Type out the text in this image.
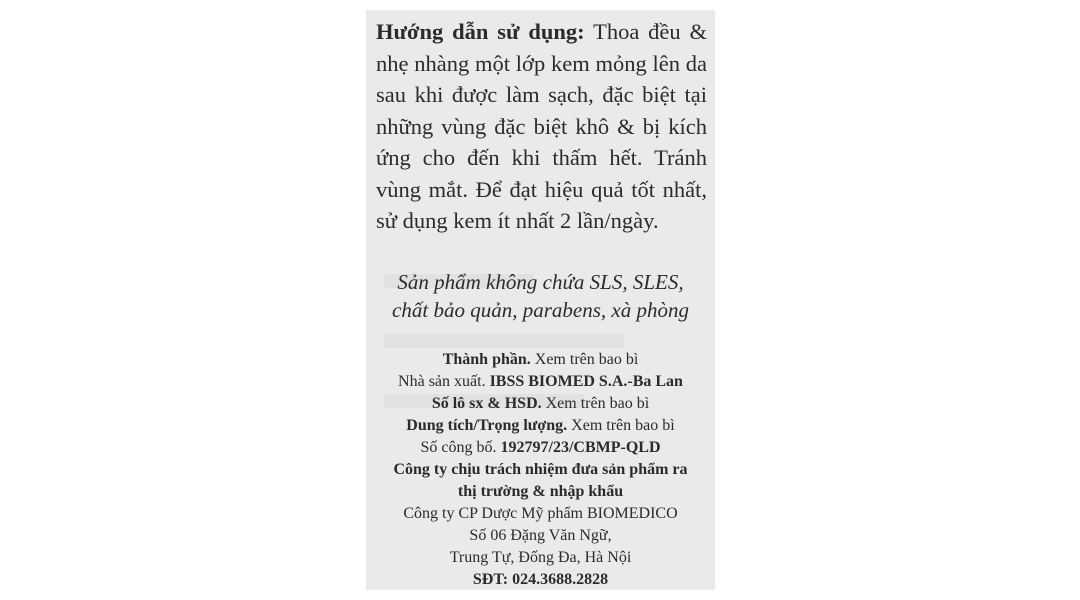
Hướng dẫn sử dụng: Thoa đều & nhẹ nhàng một lớp kem mỏng lên da sau khi được làm sạch, đặc biệt tại những vùng đặc biệt khô & bị kích ứng cho đến khi thấm hết. Tránh vùng mắt. Để đạt hiệu quả tốt nhất, sử dụng kem ít nhất 2 lần/ngày.
Sản phẩm không chứa SLS, SLES,
chất bảo quản, parabens, xà phòng
Thành phần. Xem trên bao bì
Nhà sản xuất. IBSS BIOMED S.A.-Ba Lan
Số lô sx & HSD. Xem trên bao bì
Dung tích/Trọng lượng. Xem trên bao bì
Số công bố. 192797/23/CBMP-QLD
Công ty chịu trách nhiệm đưa sản phẩm ra
thị trường & nhập khẩu
Công ty CP Dược Mỹ phẩm BIOMEDICO
Số 06 Đặng Văn Ngữ,
Trung Tự, Đống Đa, Hà Nội
SĐT: 024.3688.2828
